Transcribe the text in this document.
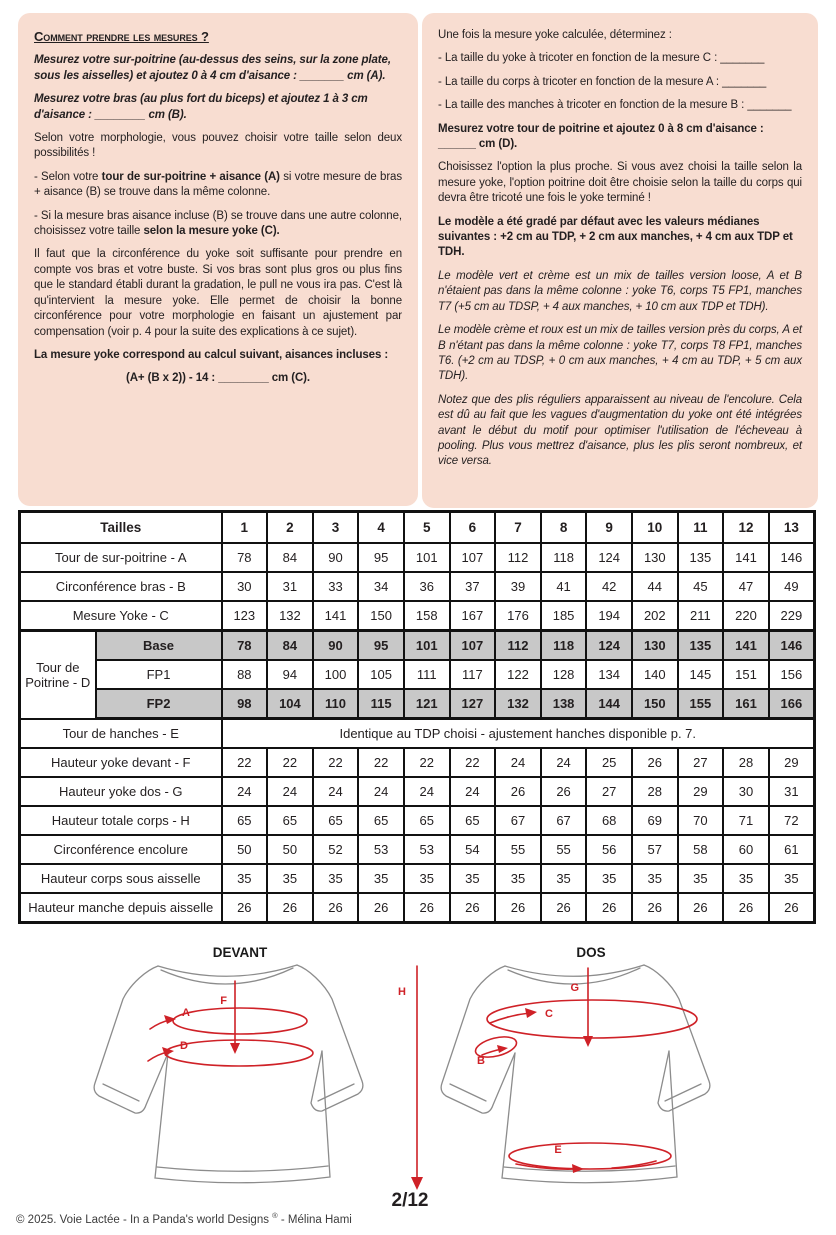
Comment prendre les mesures ?

Mesurez votre sur-poitrine (au-dessus des seins, sur la zone plate, sous les aisselles) et ajoutez 0 à 4 cm d'aisance : _______ cm (A).

Mesurez votre bras (au plus fort du biceps) et ajoutez 1 à 3 cm d'aisance : ________ cm (B).

Selon votre morphologie, vous pouvez choisir votre taille selon deux possibilités !

- Selon votre tour de sur-poitrine + aisance (A) si votre mesure de bras + aisance (B) se trouve dans la même colonne.

- Si la mesure bras aisance incluse (B) se trouve dans une autre colonne, choisissez votre taille selon la mesure yoke (C).

Il faut que la circonférence du yoke soit suffisante pour prendre en compte vos bras et votre buste. Si vos bras sont plus gros ou plus fins que le standard établi durant la gradation, le pull ne vous ira pas. C'est là qu'intervient la mesure yoke. Elle permet de choisir la bonne circonférence pour votre morphologie en faisant un ajustement par compensation (voir p. 4 pour la suite des explications à ce sujet).

La mesure yoke correspond au calcul suivant, aisances incluses :

(A+ (B x 2)) - 14 : ________ cm (C).

Une fois la mesure yoke calculée, déterminez :

- La taille du yoke à tricoter en fonction de la mesure C : _______

- La taille du corps à tricoter en fonction de la mesure A : _______

- La taille des manches à tricoter en fonction de la mesure B : _______

Mesurez votre tour de poitrine et ajoutez 0 à 8 cm d'aisance : ______ cm (D).

Choisissez l'option la plus proche. Si vous avez choisi la taille selon la mesure yoke, l'option poitrine doit être choisie selon la taille du corps qui devra être tricoté une fois le yoke terminé !

Le modèle a été gradé par défaut avec les valeurs médianes suivantes : +2 cm au TDP, + 2 cm aux manches, + 4 cm aux TDP et TDH.

Le modèle vert et crème est un mix de tailles version loose, A et B n'étaient pas dans la même colonne : yoke T6, corps T5 FP1, manches T7 (+5 cm au TDSP, + 4 aux manches, + 10 cm aux TDP et TDH).

Le modèle crème et roux est un mix de tailles version près du corps, A et B n'étant pas dans la même colonne : yoke T7, corps T8 FP1, manches T6. (+2 cm au TDSP, + 0 cm aux manches, + 4 cm au TDP, + 5 cm aux TDH).

Notez que des plis réguliers apparaissent au niveau de l'encolure. Cela est dû au fait que les vagues d'augmentation du yoke ont été intégrées avant le début du motif pour optimiser l'utilisation de l'écheveau à pooling. Plus vous mettrez d'aisance, plus les plis seront nombreux, et vice versa.

Tailles		1	2	3	4	5	6	7	8	9	10	11	12	13
Tour de sur-poitrine - A		78	84	90	95	101	107	112	118	124	130	135	141	146
Circonférence bras - B		30	31	33	34	36	37	39	41	42	44	45	47	49
Mesure Yoke - C		123	132	141	150	158	167	176	185	194	202	211	220	229
Tour de Poitrine - D	Base	78	84	90	95	101	107	112	118	124	130	135	141	146
	FP1	88	94	100	105	111	117	122	128	134	140	145	151	156
	FP2	98	104	110	115	121	127	132	138	144	150	155	161	166
Tour de hanches - E		Identique au TDP choisi - ajustement hanches disponible p. 7.												
Hauteur yoke devant - F		22	22	22	22	22	22	24	24	25	26	27	28	29
Hauteur yoke dos - G		24	24	24	24	24	24	26	26	27	28	29	30	31
Hauteur totale corps - H		65	65	65	65	65	65	67	67	68	69	70	71	72
Circonférence encolure		50	50	52	53	53	54	55	55	56	57	58	60	61
Hauteur corps sous aisselle		35	35	35	35	35	35	35	35	35	35	35	35	35
Hauteur manche depuis aisselle		26	26	26	26	26	26	26	26	26	26	26	26	26
DEVANT	DOS
F
A
D
H	G
C
B
E
2/12
© 2025. Voie Lactée - In a Panda's world Designs ® - Mélina Hami
